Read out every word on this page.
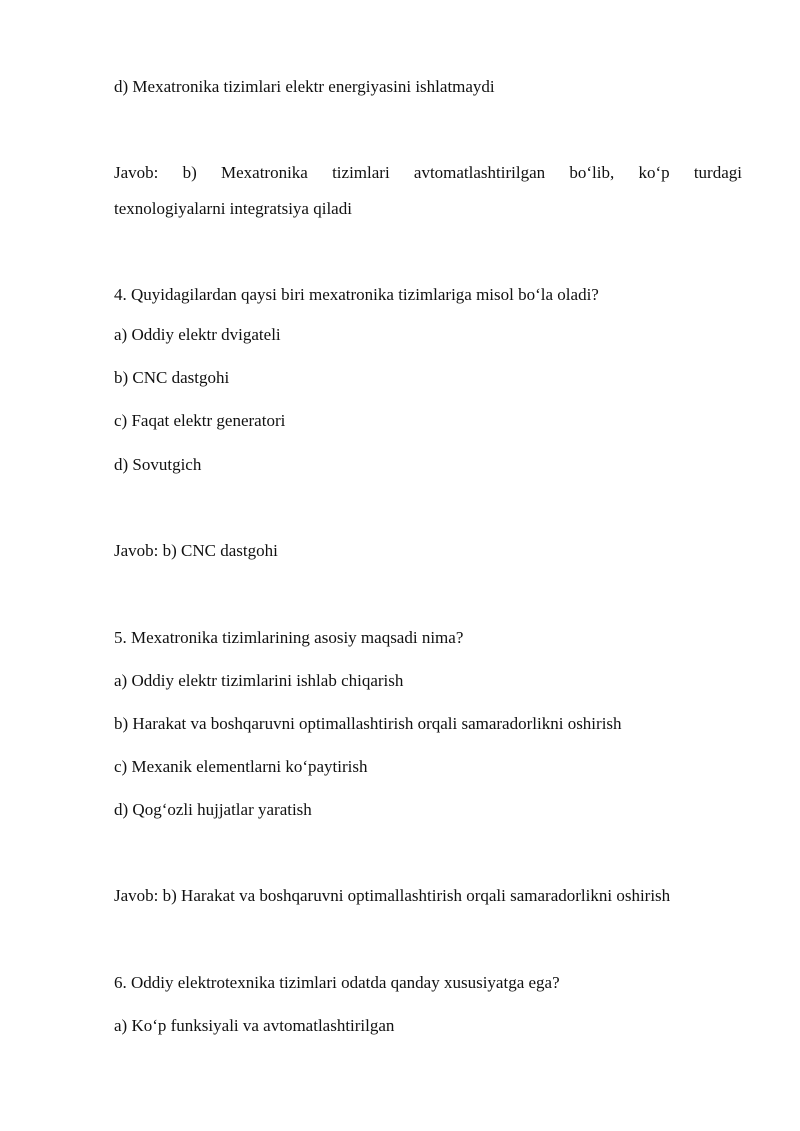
d) Mexatronika tizimlari elektr energiyasini ishlatmaydi
Javob: b) Mexatronika tizimlari avtomatlashtirilgan bo‘lib, ko‘p turdagi
texnologiyalarni integratsiya qiladi
4. Quyidagilardan qaysi biri mexatronika tizimlariga misol bo‘la oladi?
a) Oddiy elektr dvigateli
b) CNC dastgohi
c) Faqat elektr generatori
d) Sovutgich
Javob: b) CNC dastgohi
5. Mexatronika tizimlarining asosiy maqsadi nima?
a) Oddiy elektr tizimlarini ishlab chiqarish
b) Harakat va boshqaruvni optimallashtirish orqali samaradorlikni oshirish
c) Mexanik elementlarni ko‘paytirish
d) Qog‘ozli hujjatlar yaratish
Javob: b) Harakat va boshqaruvni optimallashtirish orqali samaradorlikni oshirish
6. Oddiy elektrotexnika tizimlari odatda qanday xususiyatga ega?
a) Ko‘p funksiyali va avtomatlashtirilgan
